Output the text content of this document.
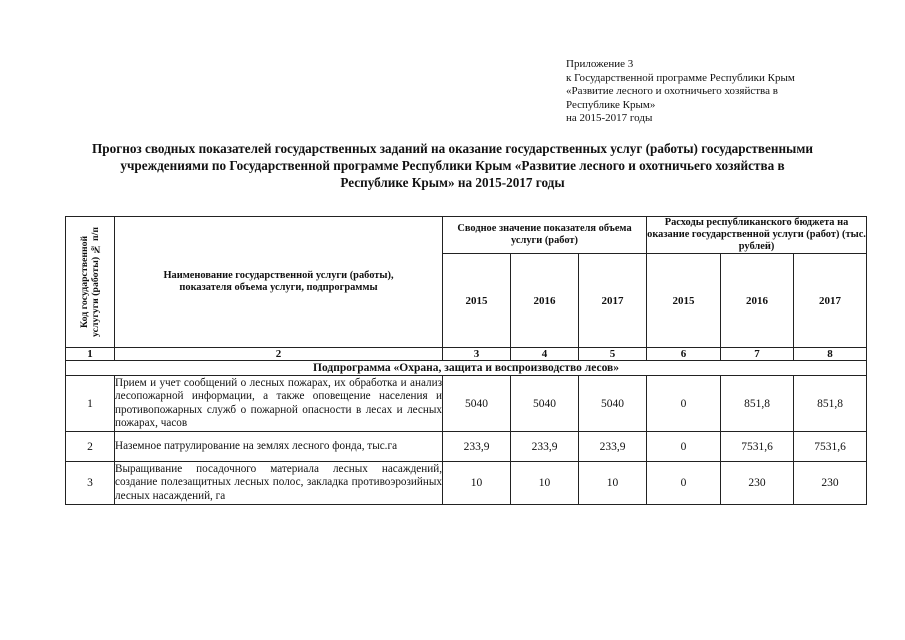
Приложение 3
к Государственной программе Республики Крым
«Развитие лесного и охотничьего хозяйства в
Республике Крым»
на 2015-2017 годы
Прогноз сводных показателей государственных заданий на оказание государственных услуг (работы) государственными
учреждениями по Государственной программе Республики Крым «Развитие лесного и охотничьего хозяйства в
Республике Крым» на 2015-2017 годы
Код государственной услугуги (работы) № п/п	Наименование государственной услуги (работы), показателя объема услуги, подпрограммы	Сводное значение показателя объема услуги (работ)			Расходы республиканского бюджета на оказание государственной услуги (работ) (тыс. рублей)		
		2015	2016	2017	2015	2016	2017
1	2	3	4	5	6	7	8
Подпрограмма «Охрана, защита и воспроизводство лесов»							
1	Прием и учет сообщений о лесных пожарах, их обработка и анализ лесопожарной информации, а также оповещение населения и противопожарных служб о пожарной опасности в лесах и лесных пожарах, часов	5040	5040	5040	0	851,8	851,8
2	Наземное патрулирование на землях лесного фонда, тыс.га	233,9	233,9	233,9	0	7531,6	7531,6
3	Выращивание посадочного материала лесных насаждений, создание полезащитных лесных полос, закладка противоэрозийных лесных насаждений, га	10	10	10	0	230	230
